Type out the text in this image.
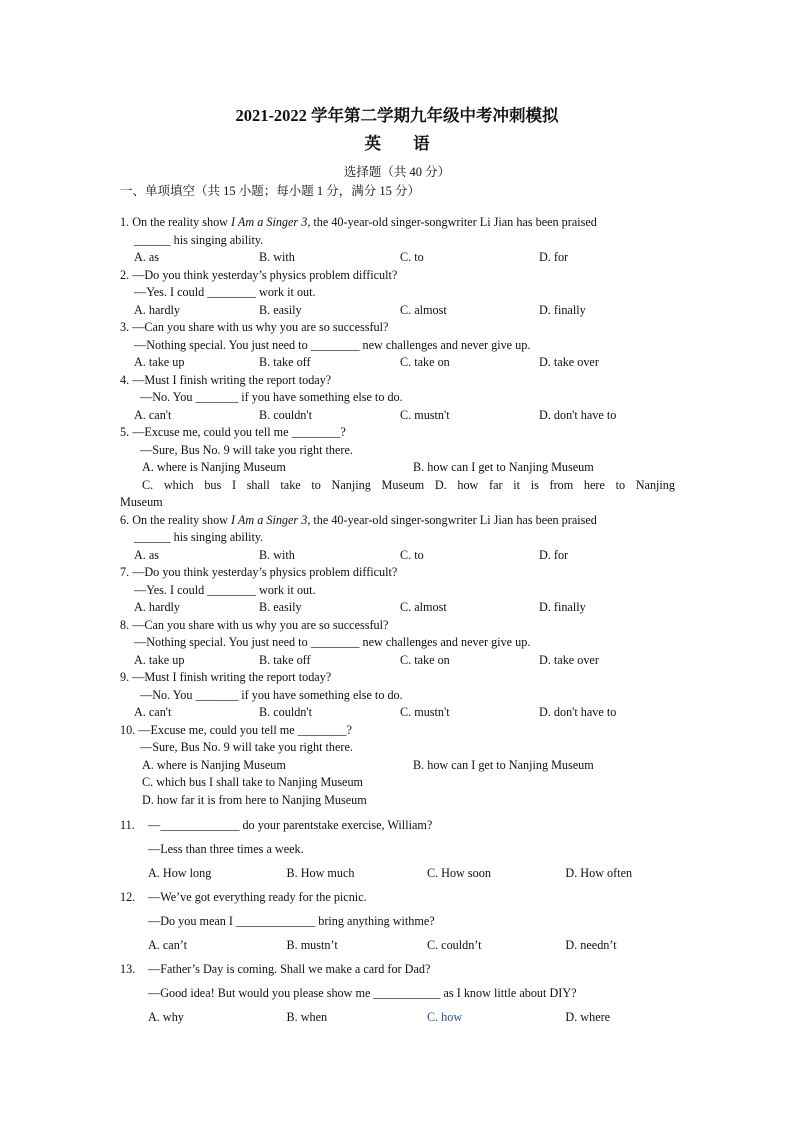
2021-2022 学年第二学期九年级中考冲刺模拟
英 语
选择题（共 40 分）
一、单项填空（共 15 小题；每小题 1 分，满分 15 分）
1. On the reality show I Am a Singer 3, the 40-year-old singer-songwriter Li Jian has been praised
______ his singing ability.
A. as	B. with	C. to	D. for
2. —Do you think yesterday’s physics problem difficult?
—Yes. I could ________ work it out.
A. hardly	B. easily	C. almost	D. finally
3. —Can you share with us why you are so successful?
—Nothing special. You just need to ________ new challenges and never give up.
A. take up	B. take off	C. take on	D. take over
4. —Must I finish writing the report today?
—No. You _______ if you have something else to do.
A. can't	B. couldn't	C. mustn't	D. don't have to
5. —Excuse me, could you tell me ________?
—Sure, Bus No. 9 will take you right there.
A. where is Nanjing Museum	B. how can I get to Nanjing Museum
C. which bus I shall take to Nanjing Museum D. how far it is from here to Nanjing
Museum
6. On the reality show I Am a Singer 3, the 40-year-old singer-songwriter Li Jian has been praised
______ his singing ability.
A. as	B. with	C. to	D. for
7. —Do you think yesterday’s physics problem difficult?
—Yes. I could ________ work it out.
A. hardly	B. easily	C. almost	D. finally
8. —Can you share with us why you are so successful?
—Nothing special. You just need to ________ new challenges and never give up.
A. take up	B. take off	C. take on	D. take over
9. —Must I finish writing the report today?
—No. You _______ if you have something else to do.
A. can't	B. couldn't	C. mustn't	D. don't have to
10. —Excuse me, could you tell me ________?
—Sure, Bus No. 9 will take you right there.
A. where is Nanjing Museum	B. how can I get to Nanjing Museum
C. which bus I shall take to Nanjing Museum
D. how far it is from here to Nanjing Museum
11. —_____________ do your parentstake exercise, William?
—Less than three times a week.
A. How long	B. How much	C. How soon	D. How often
12. —We’ve got everything ready for the picnic.
—Do you mean I _____________ bring anything withme?
A. can’t	B. mustn’t	C. couldn’t	D. needn’t
13. —Father’s Day is coming. Shall we make a card for Dad?
—Good idea! But would you please show me ___________ as I know little about DIY?
A. why	B. when	C. how	D. where
